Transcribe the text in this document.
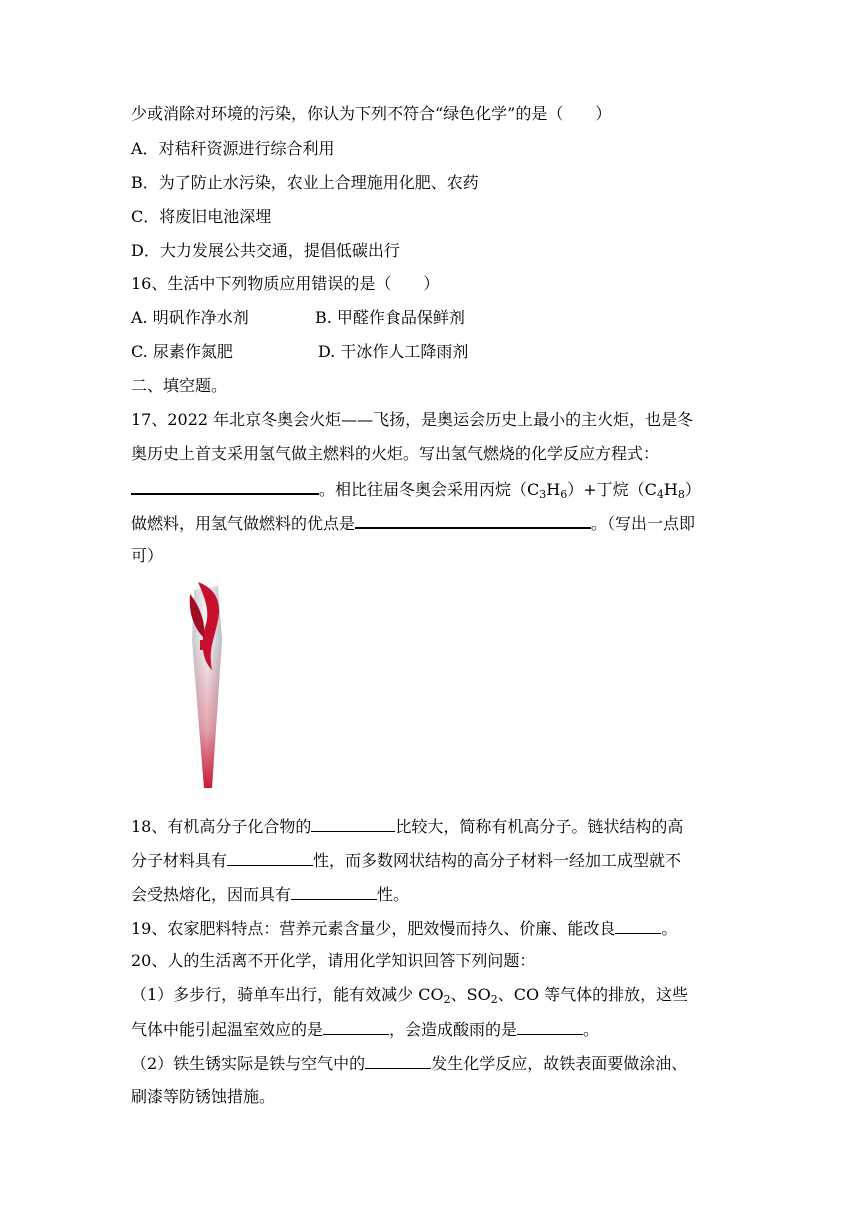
少或消除对环境的污染，你认为下列不符合“绿色化学”的是（　　）
A．对秸秆资源进行综合利用
B．为了防止水污染，农业上合理施用化肥、农药
C．将废旧电池深埋
D．大力发展公共交通，提倡低碳出行
16、生活中下列物质应用错误的是（　　）
A. 明矾作净水剂	B. 甲醛作食品保鲜剂
C. 尿素作氮肥	D. 干冰作人工降雨剂
二、填空题。
17、2022 年北京冬奥会火炬——飞扬，是奥运会历史上最小的主火炬，也是冬
奥历史上首支采用氢气做主燃料的火炬。写出氢气燃烧的化学反应方程式：
。相比往届冬奥会采用丙烷$(C_3H_6)+$丁烷$(C_4H_8)$
做燃料，用氢气做燃料的优点是	。（写出一点即
可）
18、有机高分子化合物的	比较大，简称有机高分子。链状结构的高
分子材料具有	性，而多数网状结构的高分子材料一经加工成型就不
会受热熔化，因而具有	性。
19、农家肥料特点：营养元素含量少，肥效慢而持久、价廉、能改良	。
20、人的生活离不开化学，请用化学知识回答下列问题：
（1）多步行，骑单车出行，能有效减少 $CO_2$、$SO_2$、CO 等气体的排放，这些
气体中能引起温室效应的是	，会造成酸雨的是	。
（2）铁生锈实际是铁与空气中的	发生化学反应，故铁表面要做涂油、
刷漆等防锈蚀措施。
